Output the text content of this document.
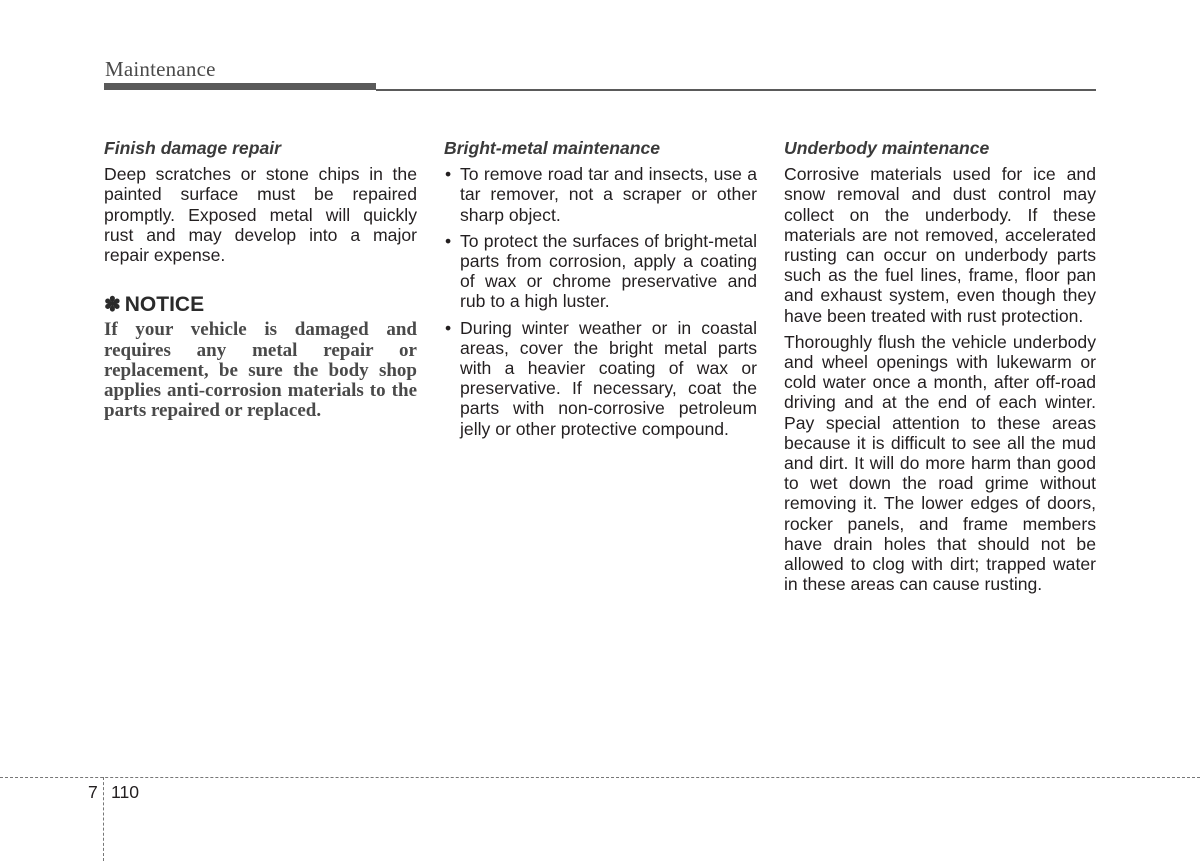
Maintenance
Finish damage repair

Deep scratches or stone chips in the painted surface must be repaired promptly. Exposed metal will quickly rust and may develop into a major repair expense.

✽ NOTICE

If your vehicle is damaged and requires any metal repair or replacement, be sure the body shop applies anti-corrosion materials to the parts repaired or replaced.

Bright-metal maintenance
• To remove road tar and insects, use a tar remover, not a scraper or other sharp object.
• To protect the surfaces of bright-metal parts from corrosion, apply a coating of wax or chrome preservative and rub to a high luster.
• During winter weather or in coastal areas, cover the bright metal parts with a heavier coating of wax or preservative. If necessary, coat the parts with non-corrosive petroleum jelly or other protective compound.
Underbody maintenance

Corrosive materials used for ice and snow removal and dust control may collect on the underbody. If these materials are not removed, accelerated rusting can occur on underbody parts such as the fuel lines, frame, floor pan and exhaust system, even though they have been treated with rust protection.

Thoroughly flush the vehicle underbody and wheel openings with lukewarm or cold water once a month, after off-road driving and at the end of each winter. Pay special attention to these areas because it is difficult to see all the mud and dirt. It will do more harm than good to wet down the road grime without removing it. The lower edges of doors, rocker panels, and frame members have drain holes that should not be allowed to clog with dirt; trapped water in these areas can cause rusting.

7 110
